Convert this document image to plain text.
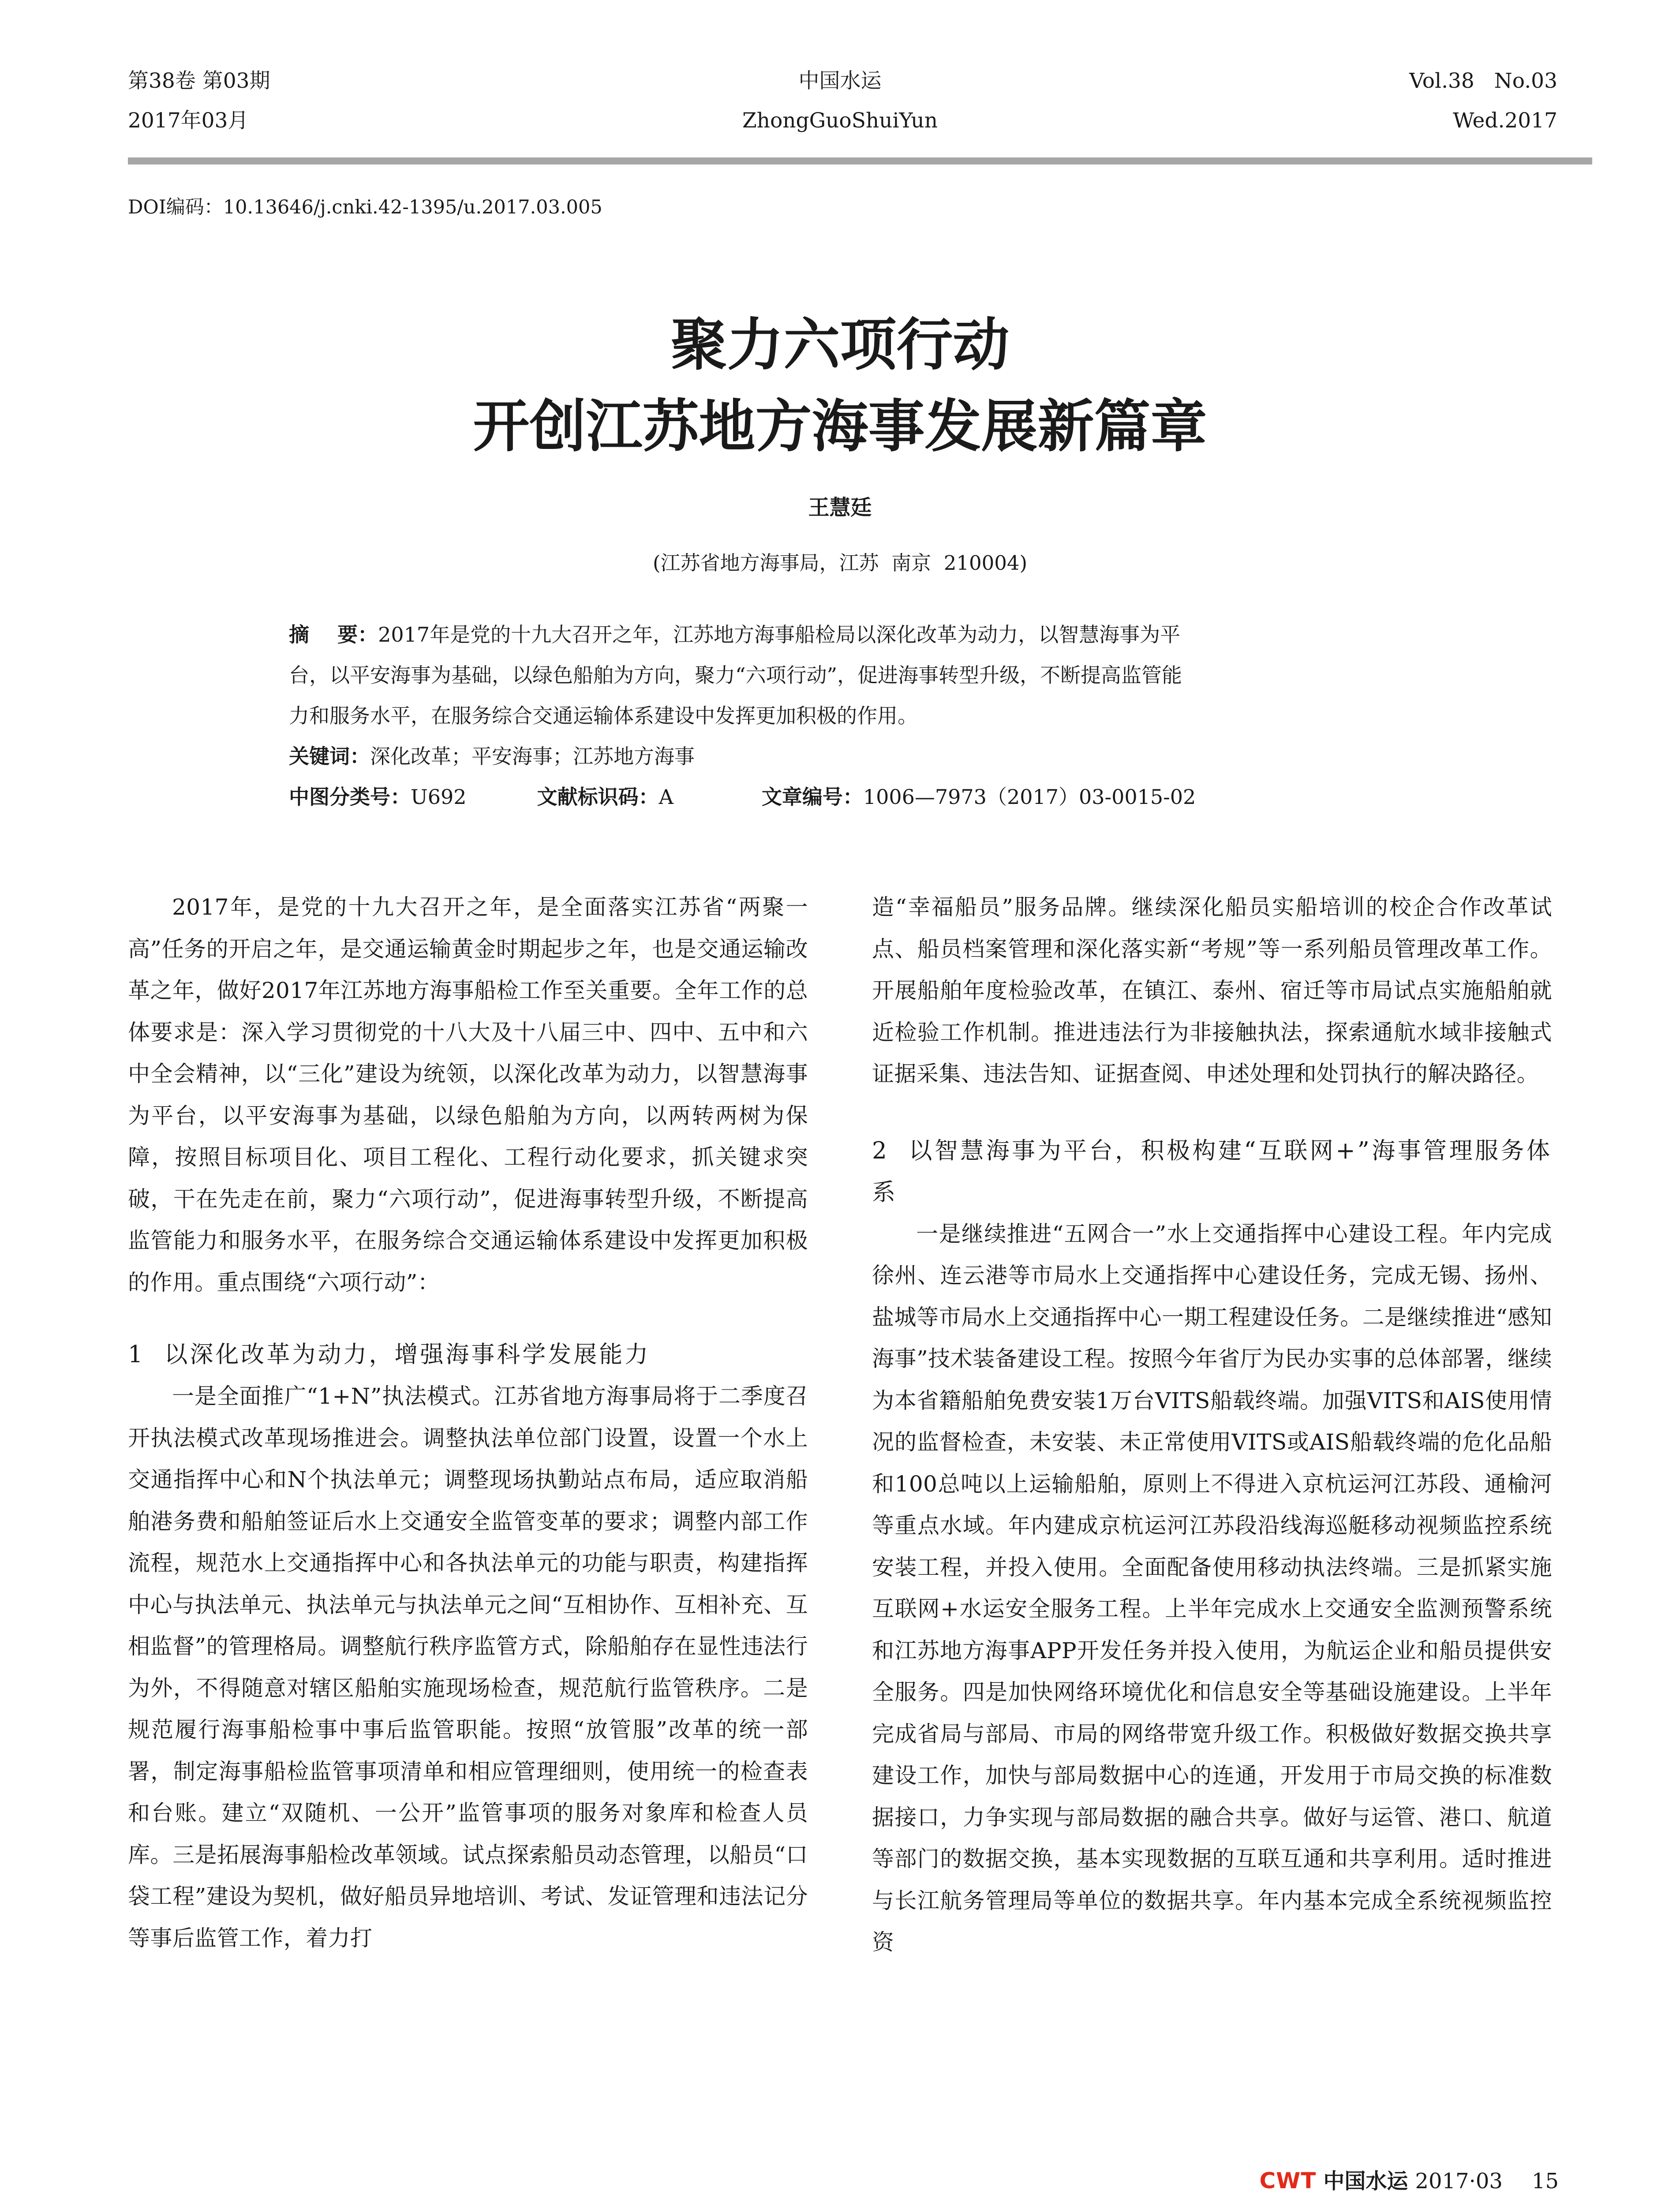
第38卷 第03期
2017年03月
中国水运
ZhongGuoShuiYun
Vol.38   No.03
Wed.2017
DOI编码：10.13646/j.cnki.42-1395/u.2017.03.005
聚力六项行动
开创江苏地方海事发展新篇章
王慧廷
(江苏省地方海事局，江苏  南京  210004)
摘    要：2017年是党的十九大召开之年，江苏地方海事船检局以深化改革为动力，以智慧海事为平
台，以平安海事为基础，以绿色船舶为方向，聚力“六项行动”，促进海事转型升级，不断提高监管能
力和服务水平，在服务综合交通运输体系建设中发挥更加积极的作用。
关键词：深化改革；平安海事；江苏地方海事
中图分类号：U692	文献标识码：A	文章编号：1006—7973（2017）03-0015-02

2017年，是党的十九大召开之年，是全面落实江苏省“两聚一高”任务的开启之年，是交通运输黄金时期起步之年，也是交通运输改革之年，做好2017年江苏地方海事船检工作至关重要。全年工作的总体要求是：深入学习贯彻党的十八大及十八届三中、四中、五中和六中全会精神，以“三化”建设为统领，以深化改革为动力，以智慧海事为平台，以平安海事为基础，以绿色船舶为方向，以两转两树为保障，按照目标项目化、项目工程化、工程行动化要求，抓关键求突破，干在先走在前，聚力“六项行动”，促进海事转型升级，不断提高监管能力和服务水平，在服务综合交通运输体系建设中发挥更加积极的作用。重点围绕“六项行动”：

1  以深化改革为动力，增强海事科学发展能力

一是全面推广“1+N”执法模式。江苏省地方海事局将于二季度召开执法模式改革现场推进会。调整执法单位部门设置，设置一个水上交通指挥中心和N个执法单元；调整现场执勤站点布局，适应取消船舶港务费和船舶签证后水上交通安全监管变革的要求；调整内部工作流程，规范水上交通指挥中心和各执法单元的功能与职责，构建指挥中心与执法单元、执法单元与执法单元之间“互相协作、互相补充、互相监督”的管理格局。调整航行秩序监管方式，除船舶存在显性违法行为外，不得随意对辖区船舶实施现场检查，规范航行监管秩序。二是规范履行海事船检事中事后监管职能。按照“放管服”改革的统一部署，制定海事船检监管事项清单和相应管理细则，使用统一的检查表和台账。建立“双随机、一公开”监管事项的服务对象库和检查人员库。三是拓展海事船检改革领域。试点探索船员动态管理，以船员“口袋工程”建设为契机，做好船员异地培训、考试、发证管理和违法记分等事后监管工作，着力打

造“幸福船员”服务品牌。继续深化船员实船培训的校企合作改革试点、船员档案管理和深化落实新“考规”等一系列船员管理改革工作。开展船舶年度检验改革，在镇江、泰州、宿迁等市局试点实施船舶就近检验工作机制。推进违法行为非接触执法，探索通航水域非接触式证据采集、违法告知、证据查阅、申述处理和处罚执行的解决路径。

2  以智慧海事为平台，积极构建“互联网+”海事管理服务体系

一是继续推进“五网合一”水上交通指挥中心建设工程。年内完成徐州、连云港等市局水上交通指挥中心建设任务，完成无锡、扬州、盐城等市局水上交通指挥中心一期工程建设任务。二是继续推进“感知海事”技术装备建设工程。按照今年省厅为民办实事的总体部署，继续为本省籍船舶免费安装1万台VITS船载终端。加强VITS和AIS使用情况的监督检查，未安装、未正常使用VITS或AIS船载终端的危化品船和100总吨以上运输船舶，原则上不得进入京杭运河江苏段、通榆河等重点水域。年内建成京杭运河江苏段沿线海巡艇移动视频监控系统安装工程，并投入使用。全面配备使用移动执法终端。三是抓紧实施互联网+水运安全服务工程。上半年完成水上交通安全监测预警系统和江苏地方海事APP开发任务并投入使用，为航运企业和船员提供安全服务。四是加快网络环境优化和信息安全等基础设施建设。上半年完成省局与部局、市局的网络带宽升级工作。积极做好数据交换共享建设工作，加快与部局数据中心的连通，开发用于市局交换的标准数据接口，力争实现与部局数据的融合共享。做好与运管、港口、航道等部门的数据交换，基本实现数据的互联互通和共享利用。适时推进与长江航务管理局等单位的数据共享。年内基本完成全系统视频监控资

CWT 中国水运 2017·03 15
